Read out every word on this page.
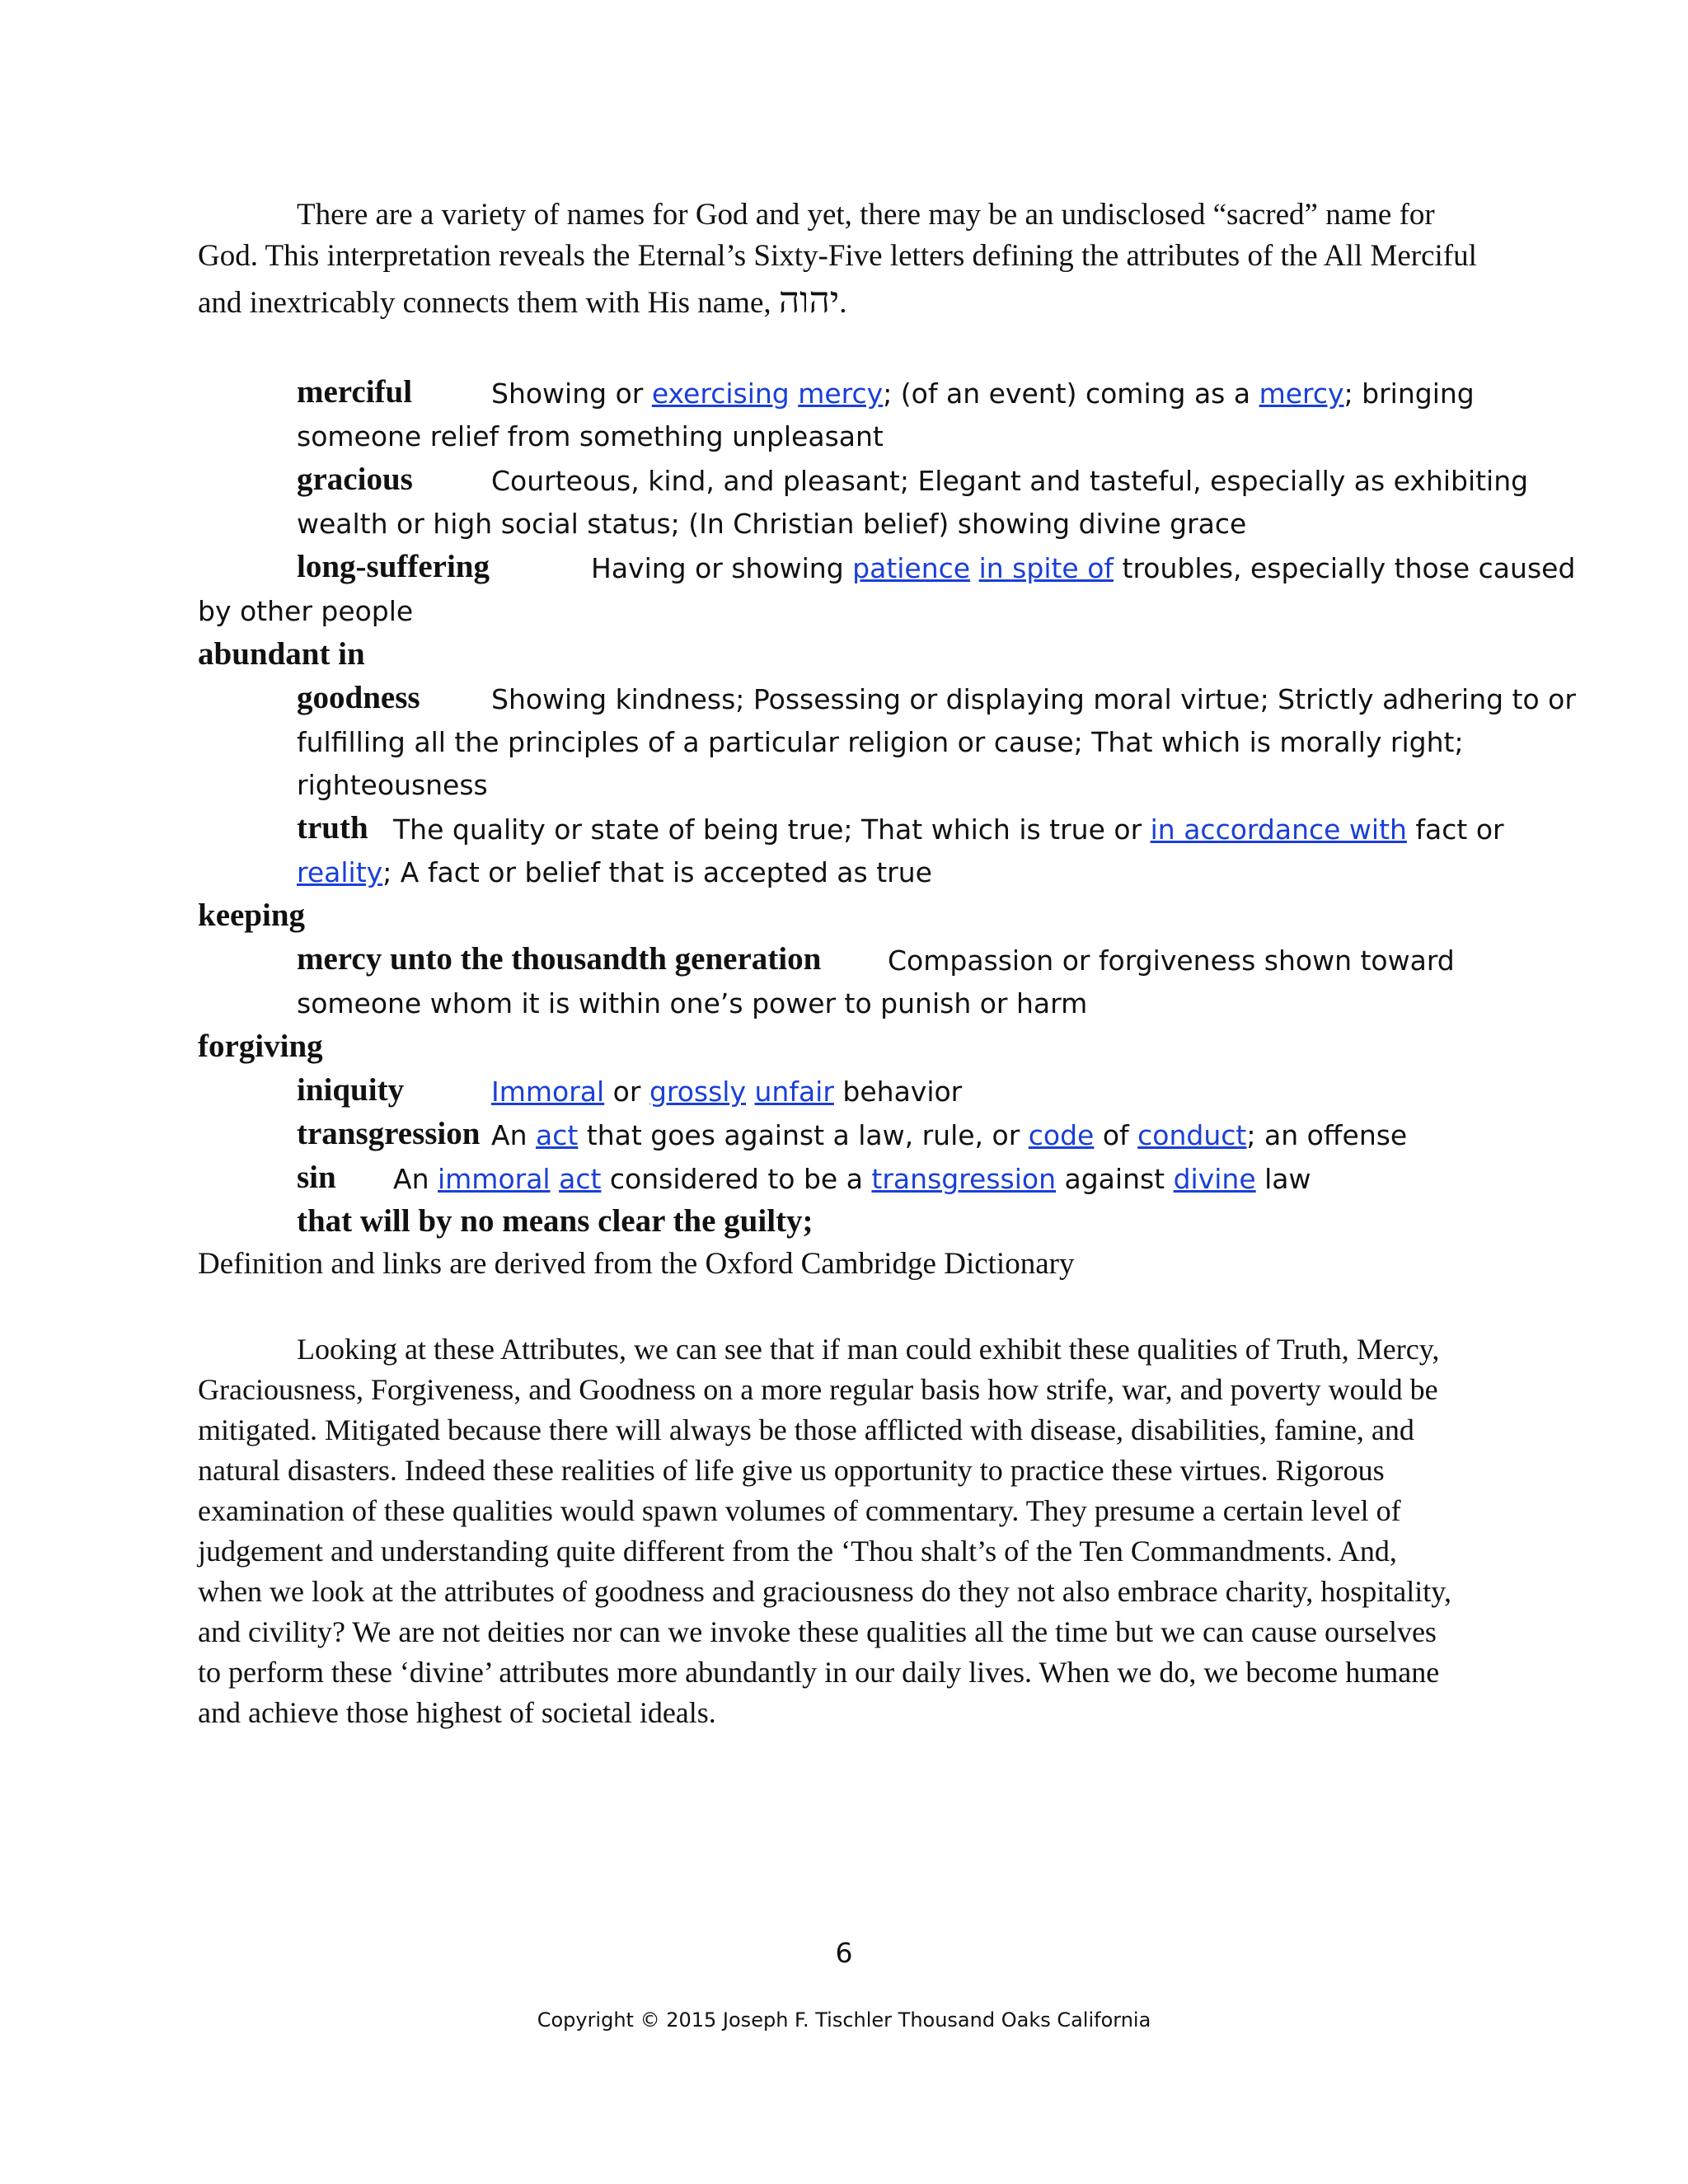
There are a variety of names for God and yet, there may be an undisclosed “sacred” name for
God. This interpretation reveals the Eternal’s Sixty-Five letters defining the attributes of the All Merciful
and inextricably connects them with His name, יהוה.
merciful	Showing or exercising mercy; (of an event) coming as a mercy; bringing
someone relief from something unpleasant
gracious	Courteous, kind, and pleasant; Elegant and tasteful, especially as exhibiting
wealth or high social status; (In Christian belief) showing divine grace
long-suffering	Having or showing patience in spite of troubles, especially those caused
by other people
abundant in
goodness	Showing kindness; Possessing or displaying moral virtue; Strictly adhering to or
fulfilling all the principles of a particular religion or cause; That which is morally right;
righteousness
truth The quality or state of being true; That which is true or in accordance with fact or
reality; A fact or belief that is accepted as true
keeping
mercy unto the thousandth generation Compassion or forgiveness shown toward
someone whom it is within one’s power to punish or harm
forgiving
iniquity	Immoral or grossly unfair behavior
transgression An act that goes against a law, rule, or code of conduct; an offense
sin An immoral act considered to be a transgression against divine law
that will by no means clear the guilty;
Definition and links are derived from the Oxford Cambridge Dictionary
Looking at these Attributes, we can see that if man could exhibit these qualities of Truth, Mercy,
Graciousness, Forgiveness, and Goodness on a more regular basis how strife, war, and poverty would be
mitigated. Mitigated because there will always be those afflicted with disease, disabilities, famine, and
natural disasters. Indeed these realities of life give us opportunity to practice these virtues. Rigorous
examination of these qualities would spawn volumes of commentary. They presume a certain level of
judgement and understanding quite different from the ‘Thou shalt’s of the Ten Commandments. And,
when we look at the attributes of goodness and graciousness do they not also embrace charity, hospitality,
and civility? We are not deities nor can we invoke these qualities all the time but we can cause ourselves
to perform these ‘divine’ attributes more abundantly in our daily lives. When we do, we become humane
and achieve those highest of societal ideals.
6
Copyright © 2015 Joseph F. Tischler Thousand Oaks California
